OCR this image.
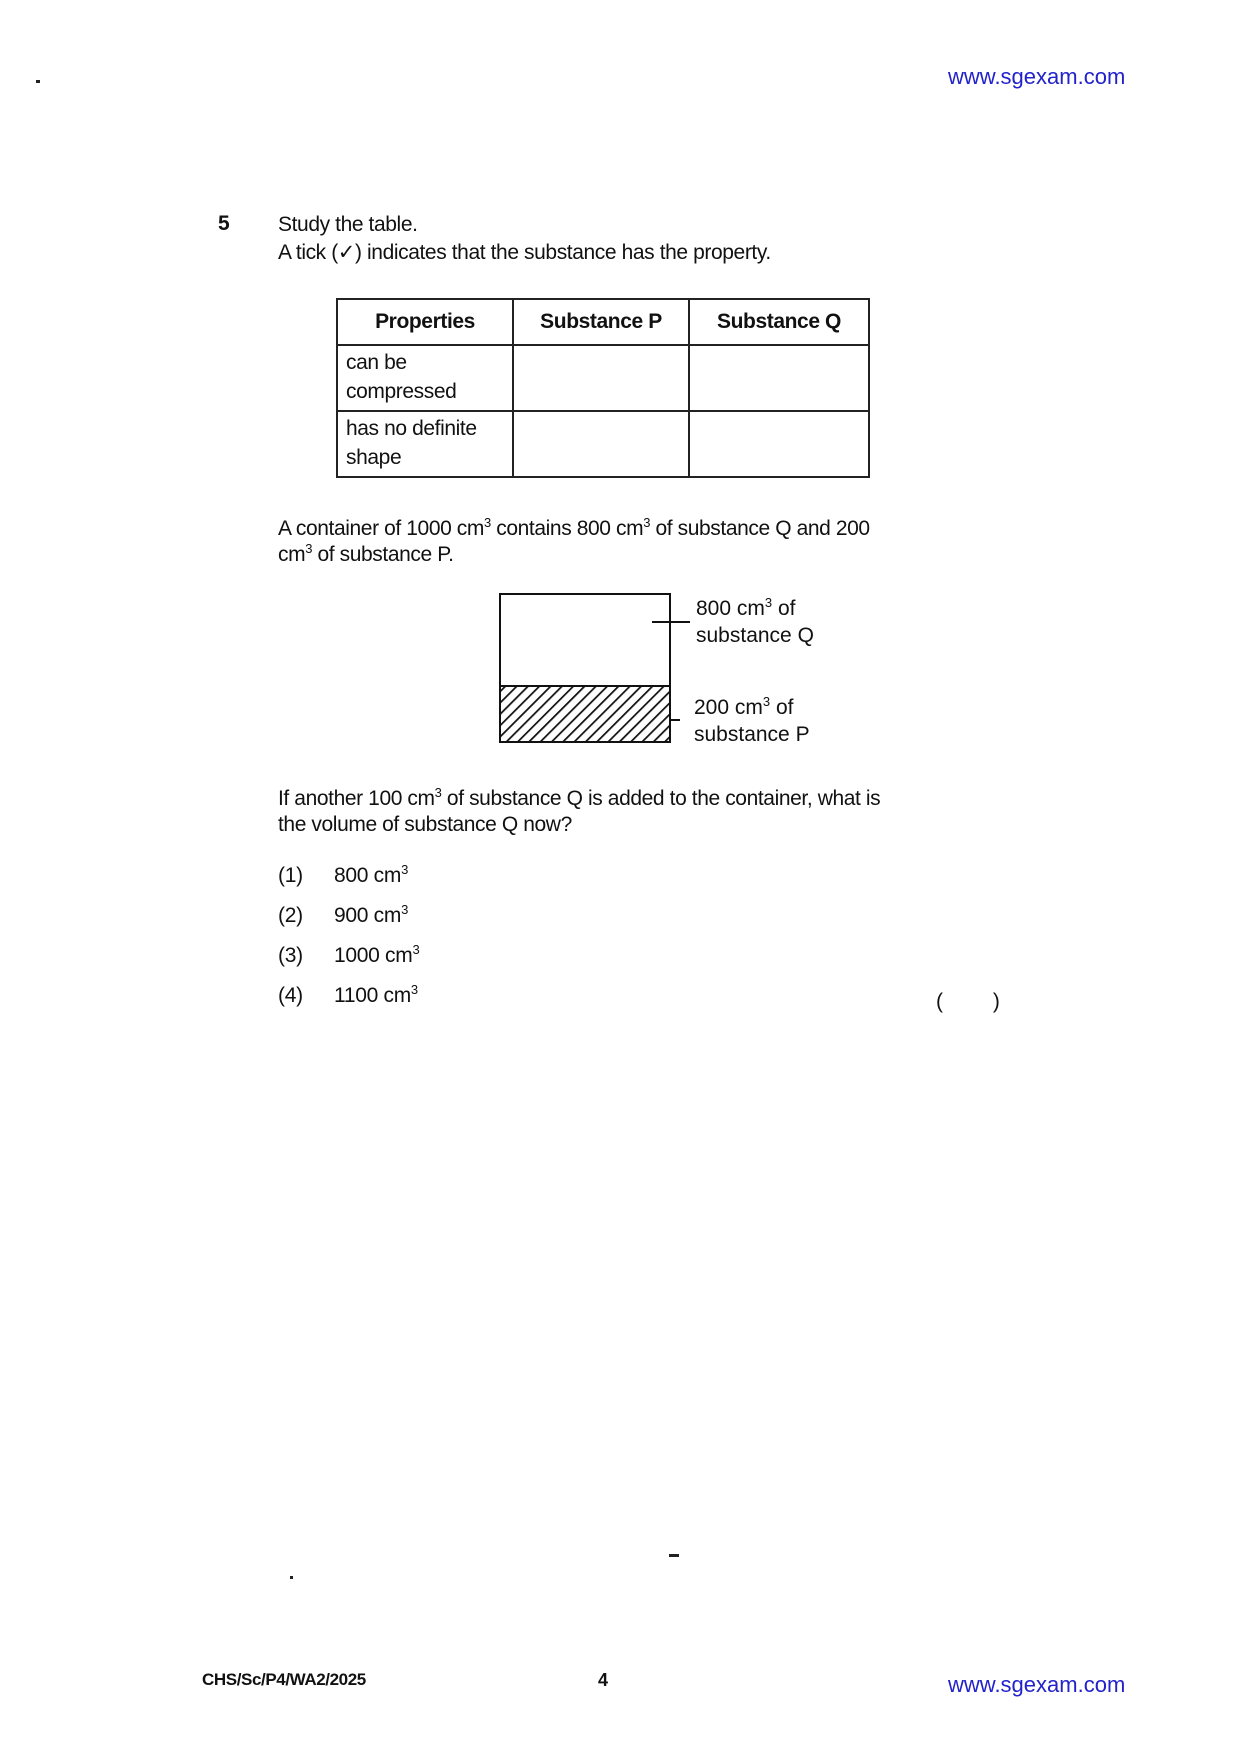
www.sgexam.com
5 Study the table.
A tick (✓) indicates that the substance has the property.
Properties	Substance P	Substance Q
can be
compressed		
has no definite
shape		
A container of 1000 $cm^3$ contains 800 $cm^3$ of substance Q and 200
$cm^3$ of substance P.
800 $cm^3$ of
substance Q
200 $cm^3$ of
substance P
If another 100 $cm^3$ of substance Q is added to the container, what is
the volume of substance Q now?
(1) 800 $cm^3$
(2) 900 $cm^3$
(3) 1000 $cm^3$
(4) 1100 $cm^3$
( )
CHS/Sc/P4/WA2/2025	4	www.sgexam.com
